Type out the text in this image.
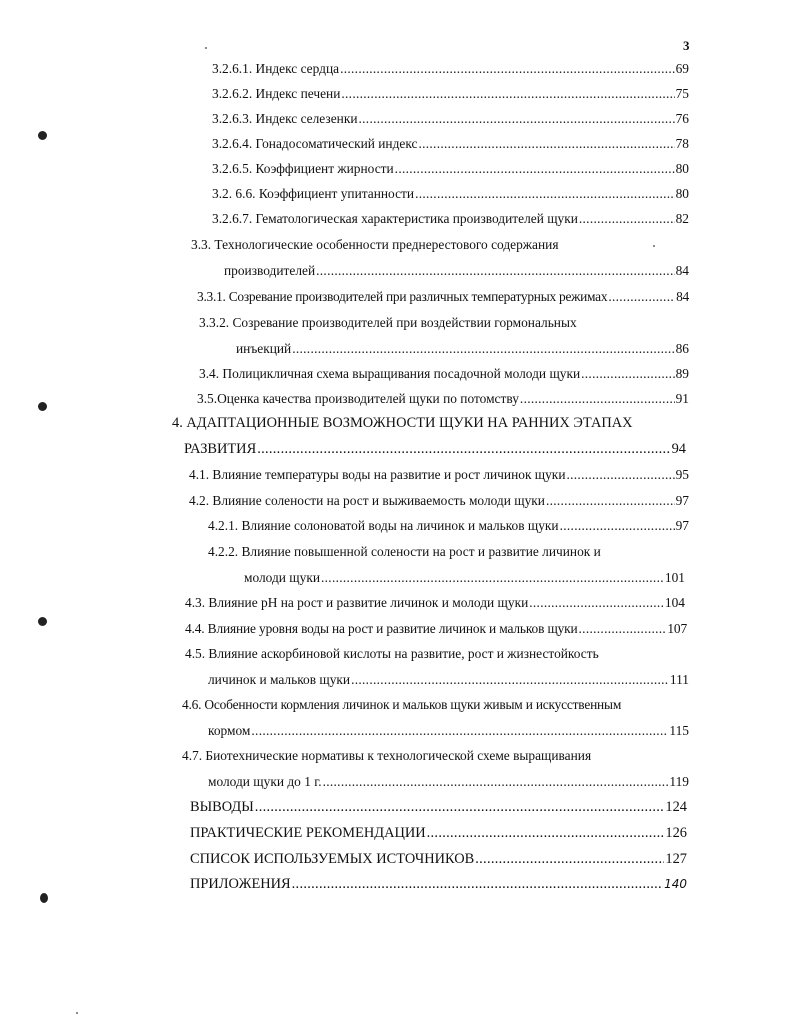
3
3.2.6.1. Индекс сердца .....	69
3.2.6.2. Индекс печени .....	75
3.2.6.3. Индекс селезенки .....	76
3.2.6.4. Гонадосоматический индекс .....	78
3.2.6.5. Коэффициент жирности .....	80
3.2. 6.6. Коэффициент упитанности .....	80
3.2.6.7. Гематологическая характеристика производителей щуки .....	82
3.3. Технологические особенности преднерестового содержания
производителей .....	84
3.3.1. Созревание производителей при различных температурных режимах .....	84
3.3.2. Созревание производителей при воздействии гормональных
инъекций .....	86
3.4. Полицикличная схема выращивания посадочной молоди щуки .....	89
3.5.Оценка качества производителей щуки по потомству .....	91
4. АДАПТАЦИОННЫЕ ВОЗМОЖНОСТИ ЩУКИ НА РАННИХ ЭТАПАХ
РАЗВИТИЯ .....	94
4.1. Влияние температуры воды на развитие и рост личинок щуки .....	95
4.2. Влияние солености на рост и выживаемость молоди щуки .....	97
4.2.1. Влияние солоноватой воды на личинок и мальков щуки .....	97
4.2.2. Влияние повышенной солености на рост и развитие личинок и
молоди щуки .....	101
4.3. Влияние рН на рост и развитие личинок и молоди щуки .....	104
4.4. Влияние уровня воды на рост и развитие личинок и мальков щуки .....	107
4.5. Влияние аскорбиновой кислоты на развитие, рост и жизнестойкость
личинок и мальков щуки .....	111
4.6. Особенности кормления личинок и мальков щуки живым и искусственным
кормом .....	115
4.7. Биотехнические нормативы к технологической схеме выращивания
молоди щуки до 1 г. .....	119
ВЫВОДЫ .....	124
ПРАКТИЧЕСКИЕ РЕКОМЕНДАЦИИ .....	126
СПИСОК ИСПОЛЬЗУЕМЫХ ИСТОЧНИКОВ .....	127
ПРИЛОЖЕНИЯ .....	140
